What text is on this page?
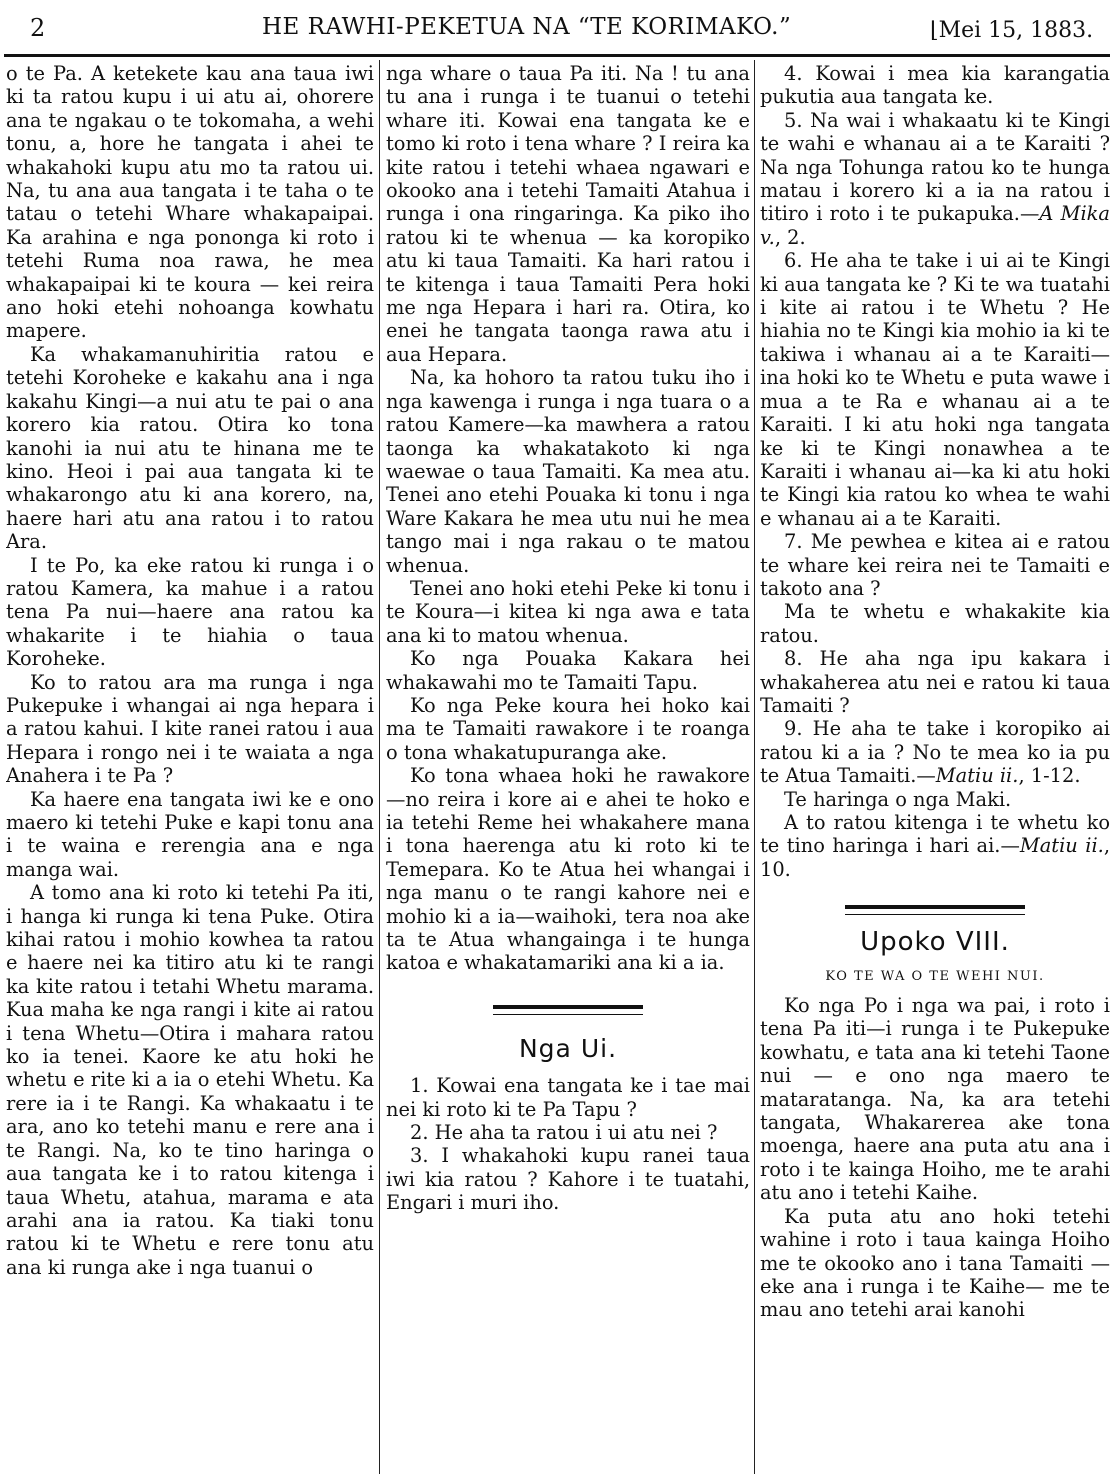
2	HE RAWHI-PEKETUA NA “TE KORIMAKO.”	⌊Mei 15, 1883.

o te Pa. A ketekete kau ana taua iwi ki ta ratou kupu i ui atu ai, ohorere ana te ngakau o te tokomaha, a wehi tonu, a, hore he tangata i ahei te whakahoki kupu atu mo ta ratou ui. Na, tu ana aua tangata i te taha o te tatau o tetehi Whare whakapaipai. Ka arahina e nga ponongа ki roto i tetehi Ruma noa rawa, he mea whakapaipai ki te koura — kei reira ano hoki etehi nohoanga kowhatu mapere.

Ka whakamanuhiritia ratou e tetehi Koroheke e kakahu ana i nga kakahu Kingi—a nui atu te pai o ana korero kia ratou. Otira ko tona kanohi ia nui atu te hinana me te kino. Heoi i pai aua tangata ki te whakarongo atu ki ana korero, na, haere hari atu ana ratou i to ratou Ara.

I te Po, ka eke ratou ki runga i o ratou Kamera, ka mahue i a ratou tena Pa nui—haere ana ratou ka whakarite i te hiahia o taua Koroheke.

Ko to ratou ara ma runga i nga Pukepuke i whangai ai nga hepara i a ratou kahui. I kite ranei ratou i aua Hepara i rongo nei i te waiata a nga Anahera i te Pa ?

Ka haere ena tangata iwi ke e ono maero ki tetehi Puke e kapi tonu ana i te waina e rerengia ana e nga manga wai.

A tomo ana ki roto ki tetehi Pa iti, i hanga ki runga ki tena Puke. Otira kihai ratou i mohio kowhea ta ratou e haere nei ka titiro atu ki te rangi ka kite ratou i tetahi Whetu marama. Kua maha ke nga rangi i kite ai ratou i tena Whetu—Otira i mahara ratou ko ia tenei. Kaore ke atu hoki he whetu e rite ki a ia o etehi Whetu. Ka rere ia i te Rangi. Ka whakaatu i te ara, ano ko tetehi manu e rere ana i te Rangi. Na, ko te tino haringa o aua tangata ke i to ratou kitenga i taua Whetu, atahua, marama e ata arahi ana ia ratou. Ka tiaki tonu ratou ki te Whetu e rere tonu atu ana ki runga ake i nga tuanui o

nga whare o taua Pa iti. Na ! tu ana tu ana i runga i te tuanui o tetehi whare iti. Kowai ena tangata ke e tomo ki roto i tena whare ? I reira ka kite ratou i tetehi whaea ngawari e okooko ana i tetehi Tamaiti Atahua i runga i ona ringaringa. Ka piko iho ratou ki te whenua — ka koropiko atu ki taua Tamaiti. Ka hari ratou i te kitenga i taua Tamaiti Pera hoki me nga Hepara i hari ra. Otira, ko enei he tangata taonga rawa atu i aua Hepara.

Na, ka hohoro ta ratou tuku iho i nga kawenga i runga i nga tuara o a ratou Kamere—ka mawhera a ratou taonga ka whakatakoto ki nga waewae o taua Tamaiti. Ka mea atu. Tenei ano etehi Pouaka ki tonu i nga Ware Kakara he mea utu nui he mea tango mai i nga rakau o te matou whenua.

Tenei ano hoki etehi Peke ki tonu i te Koura—i kitea ki nga awa e tata ana ki to matou whenua.

Ko nga Pouaka Kakara hei whakawahi mo te Tamaiti Tapu.

Ko nga Peke koura hei hoko kai ma te Tamaiti rawakore i te roanga o tona whakatupuranga ake.

Ko tona whaea hoki he rawakore—no reira i kore ai e ahei te hoko e ia tetehi Reme hei whakahere mana i tona haerenga atu ki roto ki te Temepara. Ko te Atua hei whangai i nga manu o te rangi kahore nei e mohio ki a ia—waihoki, tera noa ake ta te Atua whangainga i te hunga katoa e whakatamariki ana ki a ia.

Nga Ui.

1. Kowai ena tangata ke i tae mai nei ki roto ki te Pa Tapu ?

2. He aha ta ratou i ui atu nei ?

3. I whakahoki kupu ranei taua iwi kia ratou ? Kahore i te tuatahi, Engari i muri iho.

4. Kowai i mea kia karangatia pukutia aua tangata ke.

5. Na wai i whakaatu ki te Kingi te wahi e whanau ai a te Karaiti ? Na nga Tohunga ratou ko te hunga matau i korero ki a ia na ratou i titiro i roto i te pukapuka.—A Mika v., 2.

6. He aha te take i ui ai te Kingi ki aua tangata ke ? Ki te wa tuatahi i kite ai ratou i te Whetu ? He hiahia no te Kingi kia mohio ia ki te takiwa i whanau ai a te Karaiti—ina hoki ko te Whetu e puta wawe i mua a te Ra e whanau ai a te Karaiti. I ki atu hoki nga tangata ke ki te Kingi nonawhea a te Karaiti i whanau ai—ka ki atu hoki te Kingi kia ratou ko whea te wahi e whanau ai a te Karaiti.

7. Me pewhea e kitea ai e ratou te whare kei reira nei te Tamaiti e takoto ana ?

Ma te whetu e whakakite kia ratou.

8. He aha nga ipu kakara i whakaherea atu nei e ratou ki taua Tamaiti ?

9. He aha te take i koropiko ai ratou ki a ia ? No te mea ko ia pu te Atua Tamaiti.—Matiu ii., 1-12.

Te haringa o nga Maki.

A to ratou kitenga i te whetu ko te tino haringa i hari ai.—Matiu ii., 10.

Upoko VIII.
KO TE WA O TE WEHI NUI.

Ko nga Po i nga wa pai, i roto i tena Pa iti—i runga i te Pukepuke kowhatu, e tata ana ki tetehi Taone nui — e ono nga maero te mataratanga. Na, ka ara tetehi tangata, Whakarerea ake tona moenga, haere ana puta atu ana i roto i te kainga Hoiho, me te arahi atu ano i tetehi Kaihe.

Ka puta atu ano hoki tetehi wahine i roto i taua kainga Hoiho me te okooko ano i tana Tamaiti —eke ana i runga i te Kaihe— me te mau ano tetehi arai kanohi
